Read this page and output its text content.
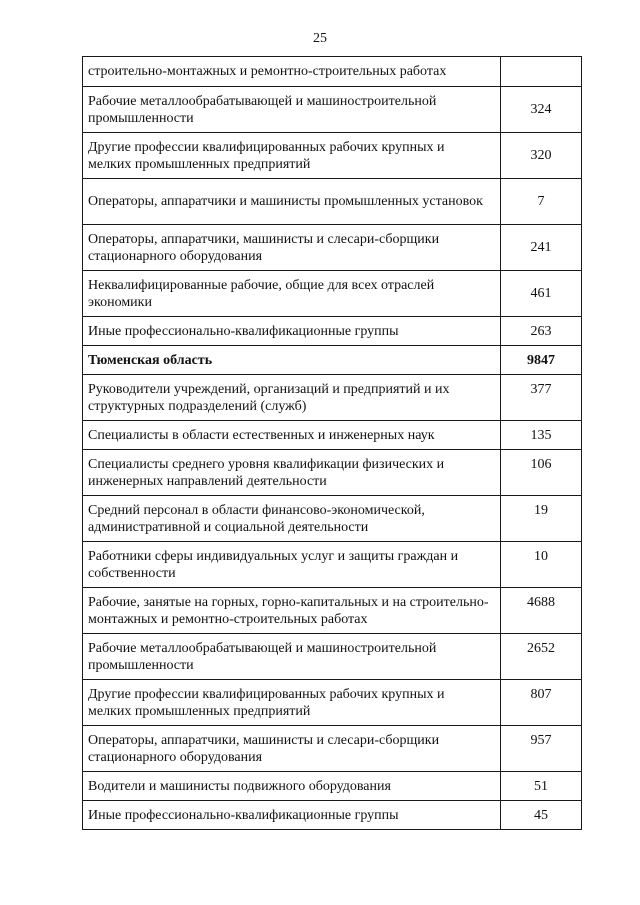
25
строительно-монтажных и ремонтно-строительных работах	
Рабочие металлообрабатывающей и машиностроительной промышленности	324
Другие профессии квалифицированных рабочих крупных и мелких промышленных предприятий	320
Операторы, аппаратчики и машинисты промышленных установок	7
Операторы, аппаратчики, машинисты и слесари-сборщики стационарного оборудования	241
Неквалифицированные рабочие, общие для всех отраслей экономики	461
Иные профессионально-квалификационные группы	263
Тюменская область	9847
Руководители учреждений, организаций и предприятий и их структурных подразделений (служб)	377
Специалисты в области естественных и инженерных наук	135
Специалисты среднего уровня квалификации физических и инженерных направлений деятельности	106
Средний персонал в области финансово-экономической, административной и социальной деятельности	19
Работники сферы индивидуальных услуг и защиты граждан и собственности	10
Рабочие, занятые на горных, горно-капитальных и на строительно-монтажных и ремонтно-строительных работах	4688
Рабочие металлообрабатывающей и машиностроительной промышленности	2652
Другие профессии квалифицированных рабочих крупных и мелких промышленных предприятий	807
Операторы, аппаратчики, машинисты и слесари-сборщики стационарного оборудования	957
Водители и машинисты подвижного оборудования	51
Иные профессионально-квалификационные группы	45
